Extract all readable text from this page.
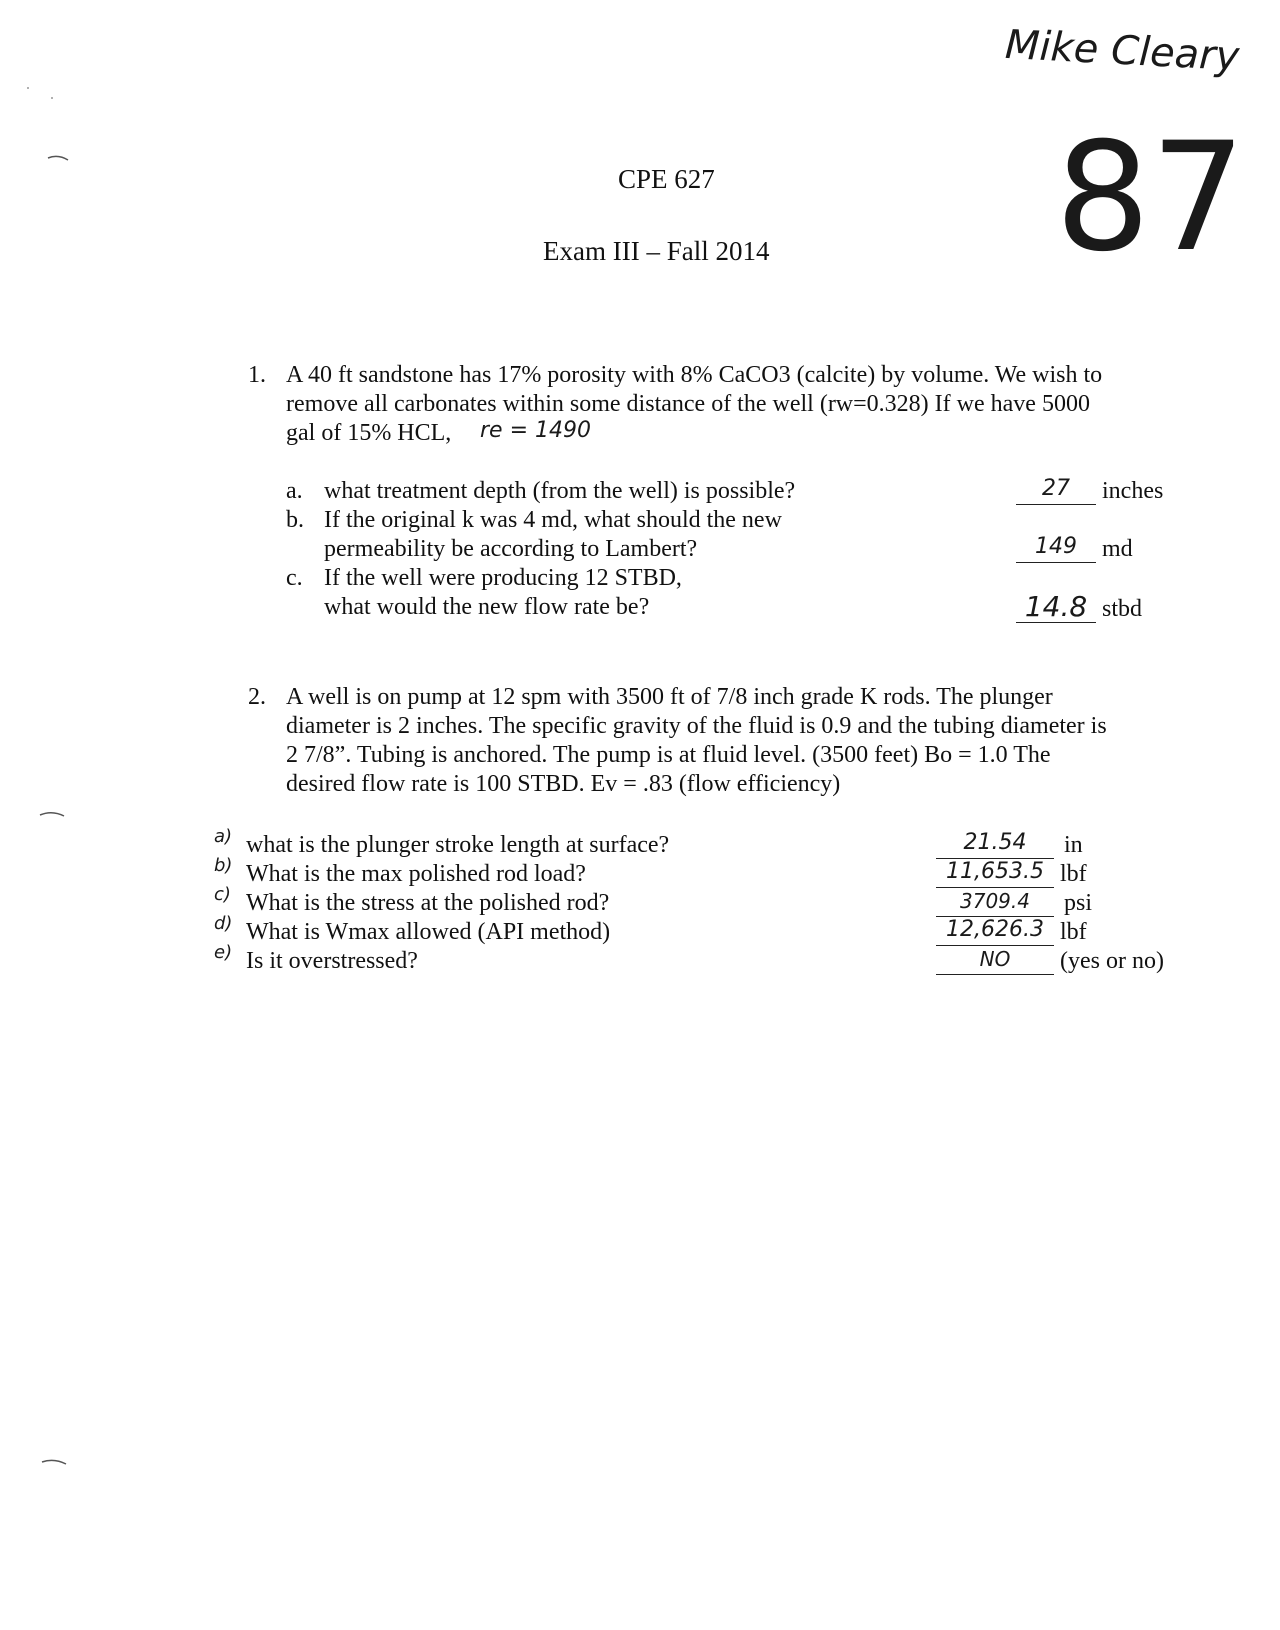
Mike Cleary
87
CPE 627
Exam III – Fall 2014
1. A 40 ft sandstone has 17% porosity with 8% CaCO3 (calcite) by volume. We wish to
remove all carbonates within some distance of the well (rw=0.328) If we have 5000
gal of 15% HCL, re = 1490
a. what treatment depth (from the well) is possible?	27	inches
b. If the original k was 4 md, what should the new
permeability be according to Lambert?	149	md
c. If the well were producing 12 STBD,
what would the new flow rate be?	14.8 stbd
2. A well is on pump at 12 spm with 3500 ft of 7/8 inch grade K rods. The plunger
diameter is 2 inches. The specific gravity of the fluid is 0.9 and the tubing diameter is
2 7/8”. Tubing is anchored. The pump is at fluid level. (3500 feet) Bo = 1.0 The
desired flow rate is 100 STBD. Ev = .83 (flow efficiency)
a) what is the plunger stroke length at surface?	21.54	in
b) What is the max polished rod load?	11,653.5 lbf
c) What is the stress at the polished rod?	3709.4	psi
d) What is Wmax allowed (API method)	12,626.3 lbf
e) Is it overstressed?	NO	(yes or no)
